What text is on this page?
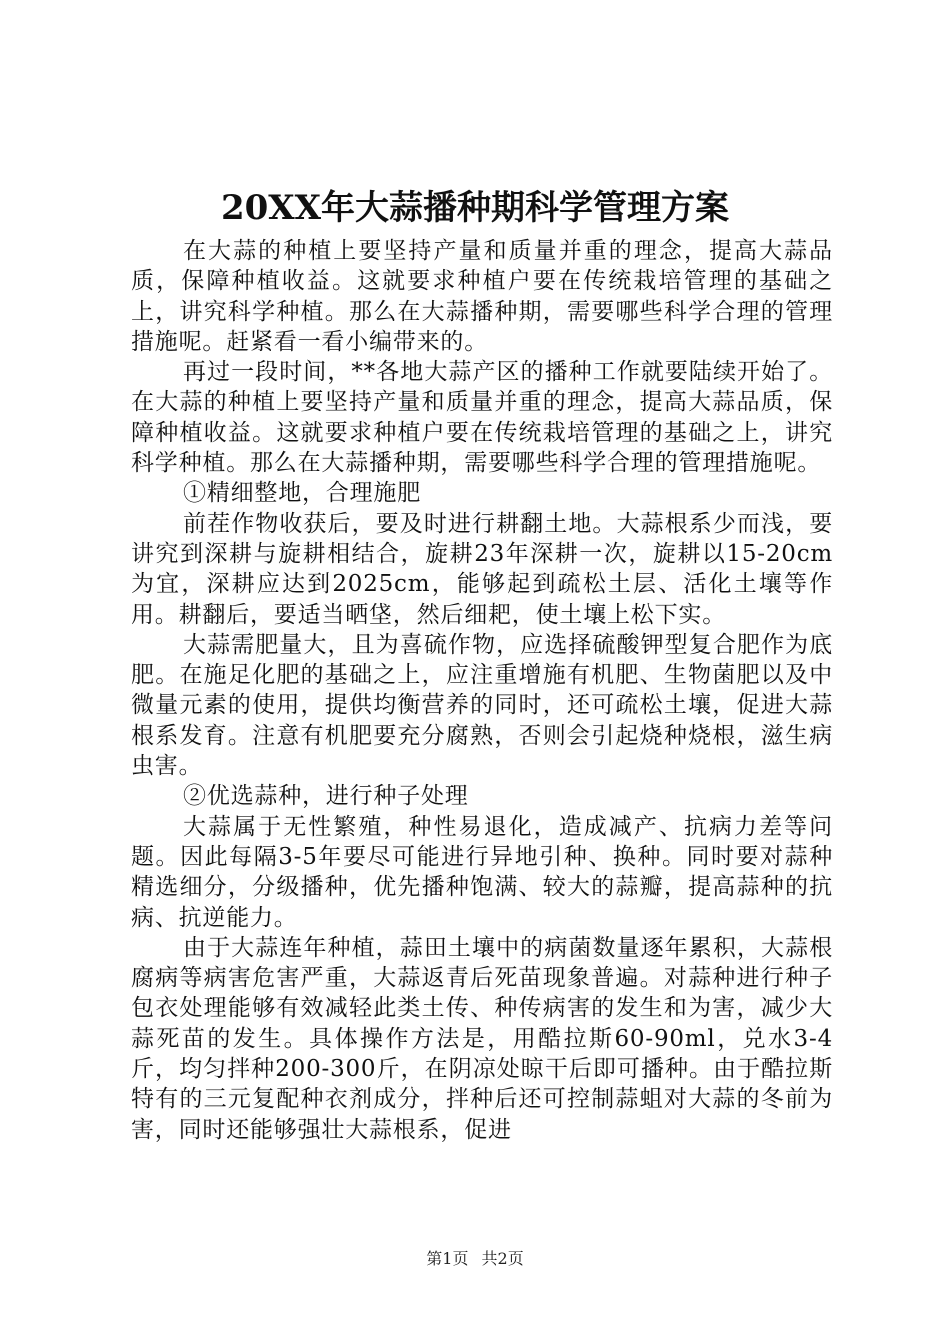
20XX年大蒜播种期科学管理方案

在大蒜的种植上要坚持产量和质量并重的理念，提高大蒜品质，保障种植收益。这就要求种植户要在传统栽培管理的基础之上，讲究科学种植。那么在大蒜播种期，需要哪些科学合理的管理措施呢。赶紧看一看小编带来的。

再过一段时间，**各地大蒜产区的播种工作就要陆续开始了。在大蒜的种植上要坚持产量和质量并重的理念，提高大蒜品质，保障种植收益。这就要求种植户要在传统栽培管理的基础之上，讲究科学种植。那么在大蒜播种期，需要哪些科学合理的管理措施呢。

①精细整地，合理施肥

前茬作物收获后，要及时进行耕翻土地。大蒜根系少而浅，要讲究到深耕与旋耕相结合，旋耕23年深耕一次，旋耕以15-20cm为宜，深耕应达到2025cm，能够起到疏松土层、活化土壤等作用。耕翻后，要适当晒垡，然后细耙，使土壤上松下实。

大蒜需肥量大，且为喜硫作物，应选择硫酸钾型复合肥作为底肥。在施足化肥的基础之上，应注重增施有机肥、生物菌肥以及中微量元素的使用，提供均衡营养的同时，还可疏松土壤，促进大蒜根系发育。注意有机肥要充分腐熟，否则会引起烧种烧根，滋生病虫害。

②优选蒜种，进行种子处理

大蒜属于无性繁殖，种性易退化，造成减产、抗病力差等问题。因此每隔3-5年要尽可能进行异地引种、换种。同时要对蒜种精选细分，分级播种，优先播种饱满、较大的蒜瓣，提高蒜种的抗病、抗逆能力。

由于大蒜连年种植，蒜田土壤中的病菌数量逐年累积，大蒜根腐病等病害危害严重，大蒜返青后死苗现象普遍。对蒜种进行种子包衣处理能够有效减轻此类土传、种传病害的发生和为害，减少大蒜死苗的发生。具体操作方法是，用酷拉斯60-90ml，兑水3-4斤，均匀拌种200-300斤，在阴凉处晾干后即可播种。由于酷拉斯特有的三元复配种衣剂成分，拌种后还可控制蒜蛆对大蒜的冬前为害，同时还能够强壮大蒜根系，促进

第1页 共2页
